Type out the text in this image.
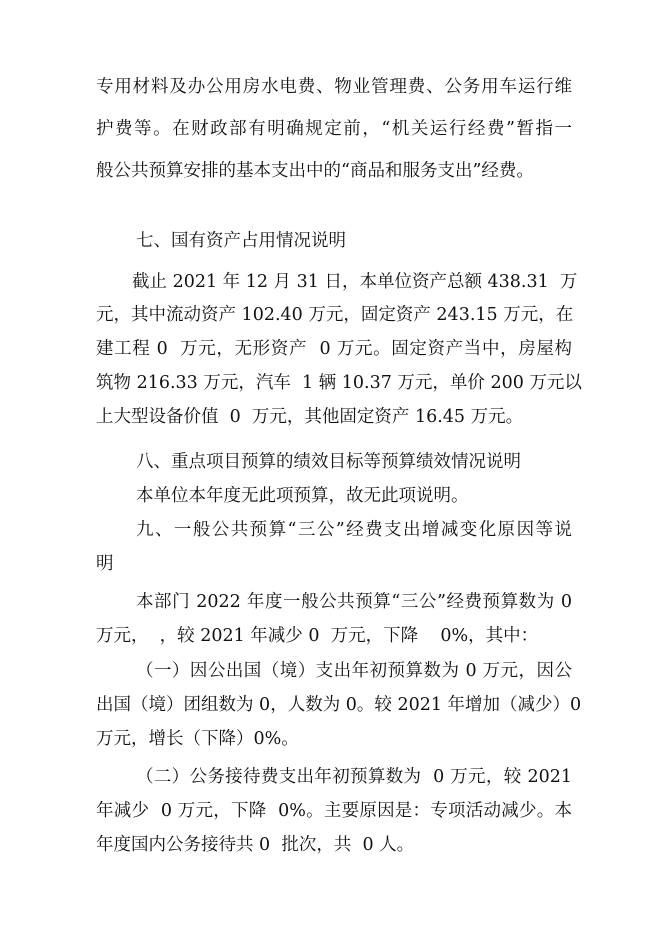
专用材料及办公用房水电费、物业管理费、公务用车运行维

护费等。在财政部有明确规定前，“机关运行经费”暂指一

般公共预算安排的基本支出中的“商品和服务支出”经费。

七、国有资产占用情况说明

截止 2021 年 12 月 31 日，本单位资产总额 438.31  万

元，其中流动资产 102.40 万元，固定资产 243.15 万元，在

建工程 0  万元，无形资产  0 万元。固定资产当中，房屋构

筑物 216.33 万元，汽车  1 辆 10.37 万元，单价 200 万元以

上大型设备价值  0  万元，其他固定资产 16.45 万元。

八、重点项目预算的绩效目标等预算绩效情况说明

本单位本年度无此项预算，故无此项说明。

九、一般公共预算“三公”经费支出增减变化原因等说

明

本部门 2022 年度一般公共预算“三公”经费预算数为 0

万元，  ，较 2021 年减少 0  万元，下降    0%，其中：

（一）因公出国（境）支出年初预算数为 0 万元，因公

出国（境）团组数为 0，人数为 0。较 2021 年增加（减少）0

万元，增长（下降）0%。

（二）公务接待费支出年初预算数为  0 万元，较 2021

年减少  0 万元，下降  0%。主要原因是：专项活动减少。本

年度国内公务接待共 0  批次，共  0 人。
